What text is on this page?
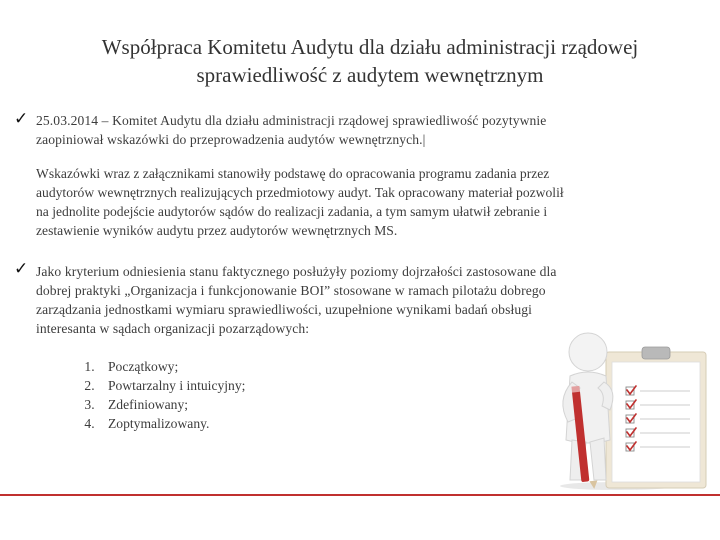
Współpraca Komitetu Audytu dla działu administracji rządowej
sprawiedliwość z audytem wewnętrznym
✓ 25.03.2014 – Komitet Audytu dla działu administracji rządowej sprawiedliwość pozytywnie
zaopiniował wskazówki do przeprowadzenia audytów wewnętrznych.|
Wskazówki wraz z załącznikami stanowiły podstawę do opracowania programu zadania przez
audytorów wewnętrznych realizujących przedmiotowy audyt. Tak opracowany materiał pozwolił
na jednolite podejście audytorów sądów do realizacji zadania, a tym samym ułatwił zebranie i
zestawienie wyników audytu przez audytorów wewnętrznych MS.
✓ Jako kryterium odniesienia stanu faktycznego posłużyły poziomy dojrzałości zastosowane dla
dobrej praktyki „Organizacja i funkcjonowanie BOI” stosowane w ramach pilotażu dobrego
zarządzania jednostkami wymiaru sprawiedliwości, uzupełnione wynikami badań obsługi
interesanta w sądach organizacji pozarządowych:
1. Początkowy;
2. Powtarzalny i intuicyjny;
3. Zdefiniowany;
4. Zoptymalizowany.
